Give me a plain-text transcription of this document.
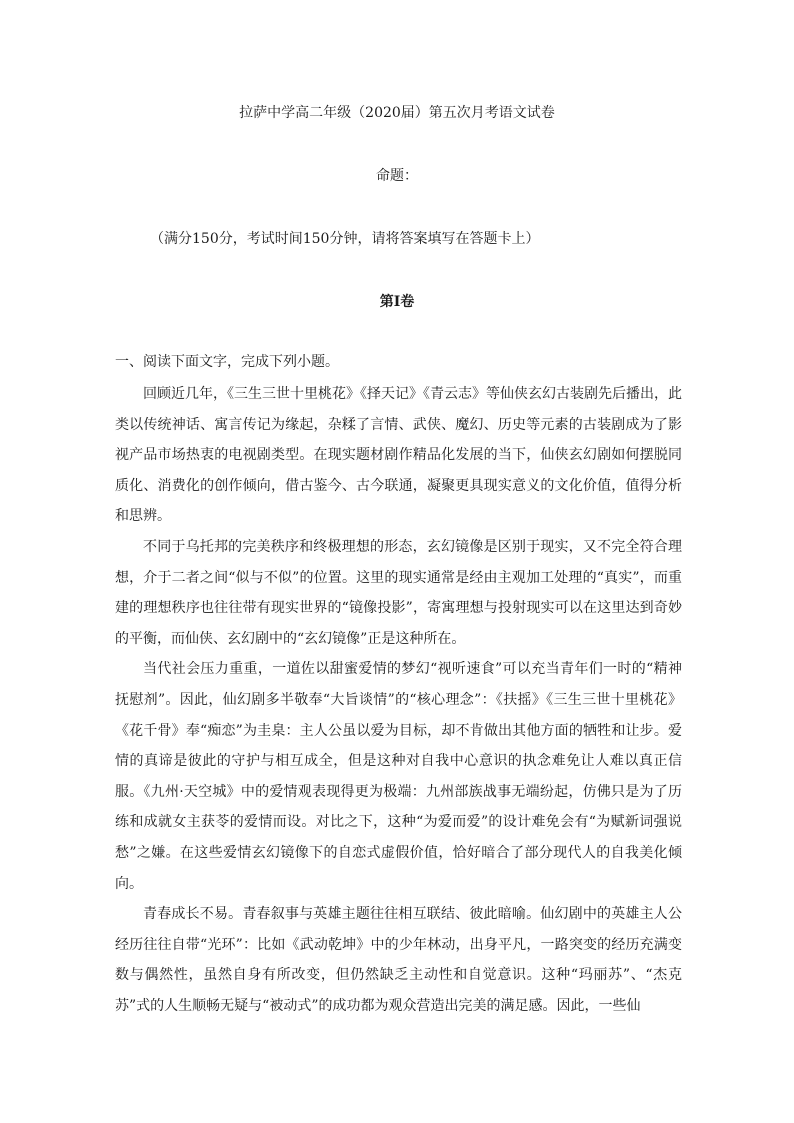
拉萨中学高二年级（2020届）第五次月考语文试卷
命题：
（满分150分，考试时间150分钟，请将答案填写在答题卡上）
第Ⅰ卷
一、阅读下面文字，完成下列小题。

回顾近几年，《三生三世十里桃花》《择天记》《青云志》等仙侠玄幻古装剧先后播出，此类以传统神话、寓言传记为缘起，杂糅了言情、武侠、魔幻、历史等元素的古装剧成为了影视产品市场热衷的电视剧类型。在现实题材剧作精品化发展的当下，仙侠玄幻剧如何摆脱同质化、消费化的创作倾向，借古鉴今、古今联通，凝聚更具现实意义的文化价值，值得分析和思辨。

不同于乌托邦的完美秩序和终极理想的形态，玄幻镜像是区别于现实，又不完全符合理想，介于二者之间“似与不似”的位置。这里的现实通常是经由主观加工处理的“真实”，而重建的理想秩序也往往带有现实世界的“镜像投影”，寄寓理想与投射现实可以在这里达到奇妙的平衡，而仙侠、玄幻剧中的“玄幻镜像”正是这种所在。

当代社会压力重重，一道佐以甜蜜爱情的梦幻“视听速食”可以充当青年们一时的“精神抚慰剂”。因此，仙幻剧多半敬奉“大旨谈情”的“核心理念”：《扶摇》《三生三世十里桃花》《花千骨》奉“痴恋”为圭臬：主人公虽以爱为目标，却不肯做出其他方面的牺牲和让步。爱情的真谛是彼此的守护与相互成全，但是这种对自我中心意识的执念难免让人难以真正信服。《九州·天空城》中的爱情观表现得更为极端：九州部族战事无端纷起，仿佛只是为了历练和成就女主获苓的爱情而设。对比之下，这种“为爱而爱”的设计难免会有“为赋新词强说愁”之嫌。在这些爱情玄幻镜像下的自恋式虚假价值，恰好暗合了部分现代人的自我美化倾向。

青春成长不易。青春叙事与英雄主题往往相互联结、彼此暗喻。仙幻剧中的英雄主人公经历往往自带“光环”：比如《武动乾坤》中的少年林动，出身平凡，一路突变的经历充满变数与偶然性，虽然自身有所改变，但仍然缺乏主动性和自觉意识。这种“玛丽苏”、“杰克苏”式的人生顺畅无疑与“被动式”的成功都为观众营造出完美的满足感。因此，一些仙
